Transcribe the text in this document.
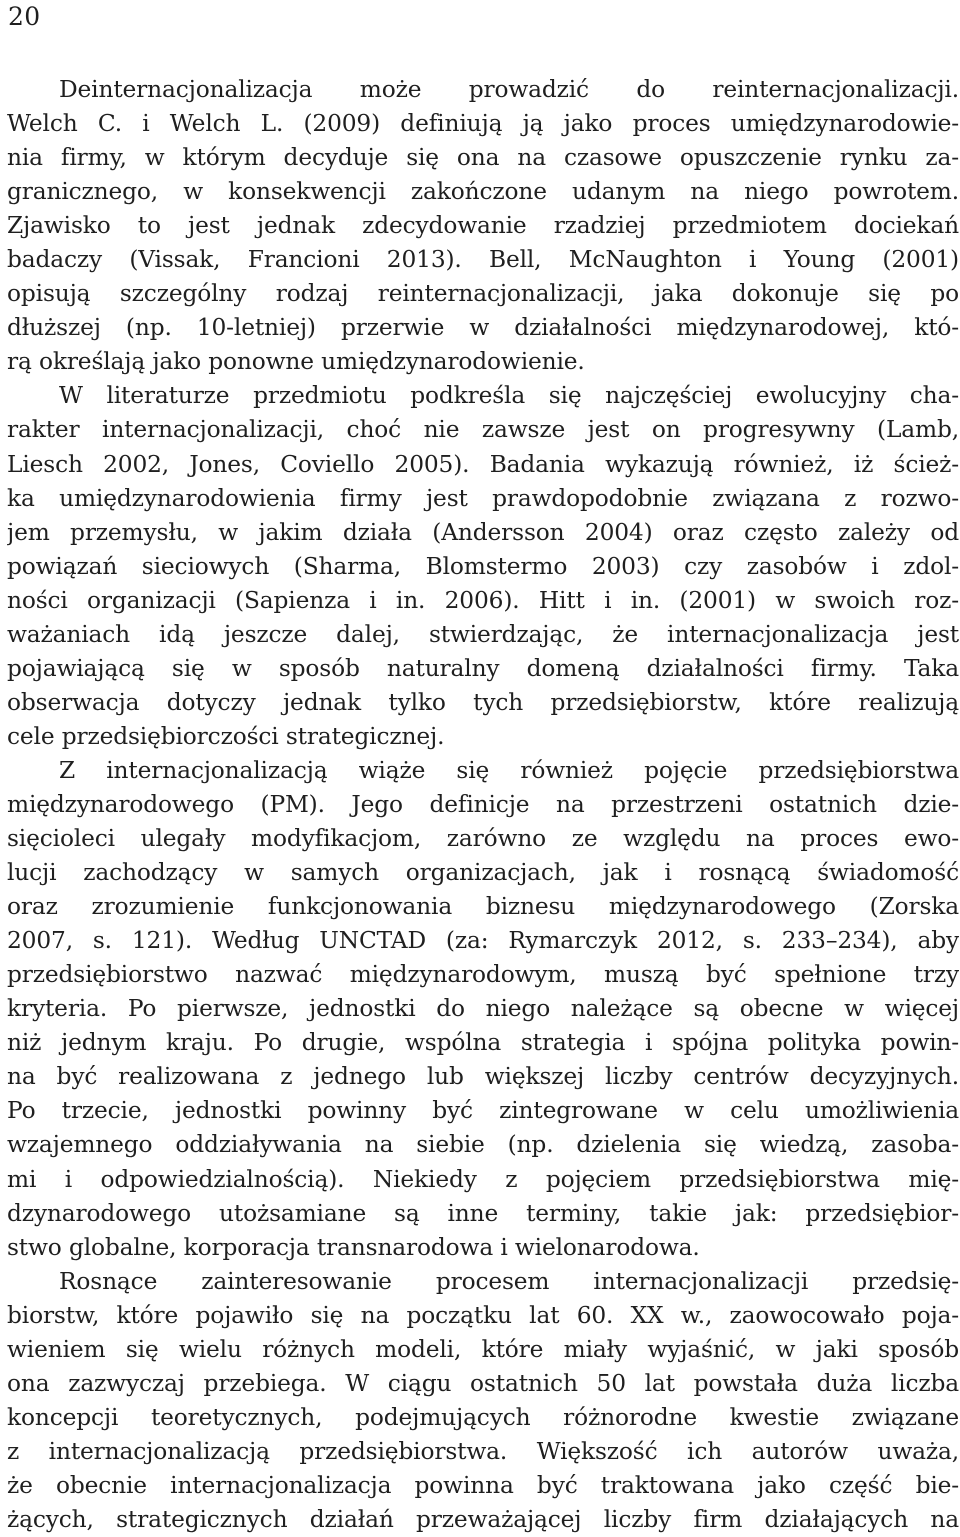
20
Deinternacjonalizacja może prowadzić do reinternacjonalizacji.
Welch C. i Welch L. (2009) definiują ją jako proces umiędzynarodowie-
nia firmy, w którym decyduje się ona na czasowe opuszczenie rynku za-
granicznego, w konsekwencji zakończone udanym na niego powrotem.
Zjawisko to jest jednak zdecydowanie rzadziej przedmiotem dociekań
badaczy (Vissak, Francioni 2013). Bell, McNaughton i Young (2001)
opisują szczególny rodzaj reinternacjonalizacji, jaka dokonuje się po
dłuższej (np. 10-letniej) przerwie w działalności międzynarodowej, któ-
rą określają jako ponowne umiędzynarodowienie.
W literaturze przedmiotu podkreśla się najczęściej ewolucyjny cha-
rakter internacjonalizacji, choć nie zawsze jest on progresywny (Lamb,
Liesch 2002, Jones, Coviello 2005). Badania wykazują również, iż ścież-
ka umiędzynarodowienia firmy jest prawdopodobnie związana z rozwo-
jem przemysłu, w jakim działa (Andersson 2004) oraz często zależy od
powiązań sieciowych (Sharma, Blomstermo 2003) czy zasobów i zdol-
ności organizacji (Sapienza i in. 2006). Hitt i in. (2001) w swoich roz-
ważaniach idą jeszcze dalej, stwierdzając, że internacjonalizacja jest
pojawiającą się w sposób naturalny domeną działalności firmy. Taka
obserwacja dotyczy jednak tylko tych przedsiębiorstw, które realizują
cele przedsiębiorczości strategicznej.
Z internacjonalizacją wiąże się również pojęcie przedsiębiorstwa
międzynarodowego (PM). Jego definicje na przestrzeni ostatnich dzie-
sięcioleci ulegały modyfikacjom, zarówno ze względu na proces ewo-
lucji zachodzący w samych organizacjach, jak i rosnącą świadomość
oraz zrozumienie funkcjonowania biznesu międzynarodowego (Zorska
2007, s. 121). Według UNCTAD (za: Rymarczyk 2012, s. 233–234), aby
przedsiębiorstwo nazwać międzynarodowym, muszą być spełnione trzy
kryteria. Po pierwsze, jednostki do niego należące są obecne w więcej
niż jednym kraju. Po drugie, wspólna strategia i spójna polityka powin-
na być realizowana z jednego lub większej liczby centrów decyzyjnych.
Po trzecie, jednostki powinny być zintegrowane w celu umożliwienia
wzajemnego oddziaływania na siebie (np. dzielenia się wiedzą, zasoba-
mi i odpowiedzialnością). Niekiedy z pojęciem przedsiębiorstwa mię-
dzynarodowego utożsamiane są inne terminy, takie jak: przedsiębior-
stwo globalne, korporacja transnarodowa i wielonarodowa.
Rosnące zainteresowanie procesem internacjonalizacji przedsię-
biorstw, które pojawiło się na początku lat 60. XX w., zaowocowało poja-
wieniem się wielu różnych modeli, które miały wyjaśnić, w jaki sposób
ona zazwyczaj przebiega. W ciągu ostatnich 50 lat powstała duża liczba
koncepcji teoretycznych, podejmujących różnorodne kwestie związane
z internacjonalizacją przedsiębiorstwa. Większość ich autorów uważa,
że obecnie internacjonalizacja powinna być traktowana jako część bie-
żących, strategicznych działań przeważającej liczby firm działających na
